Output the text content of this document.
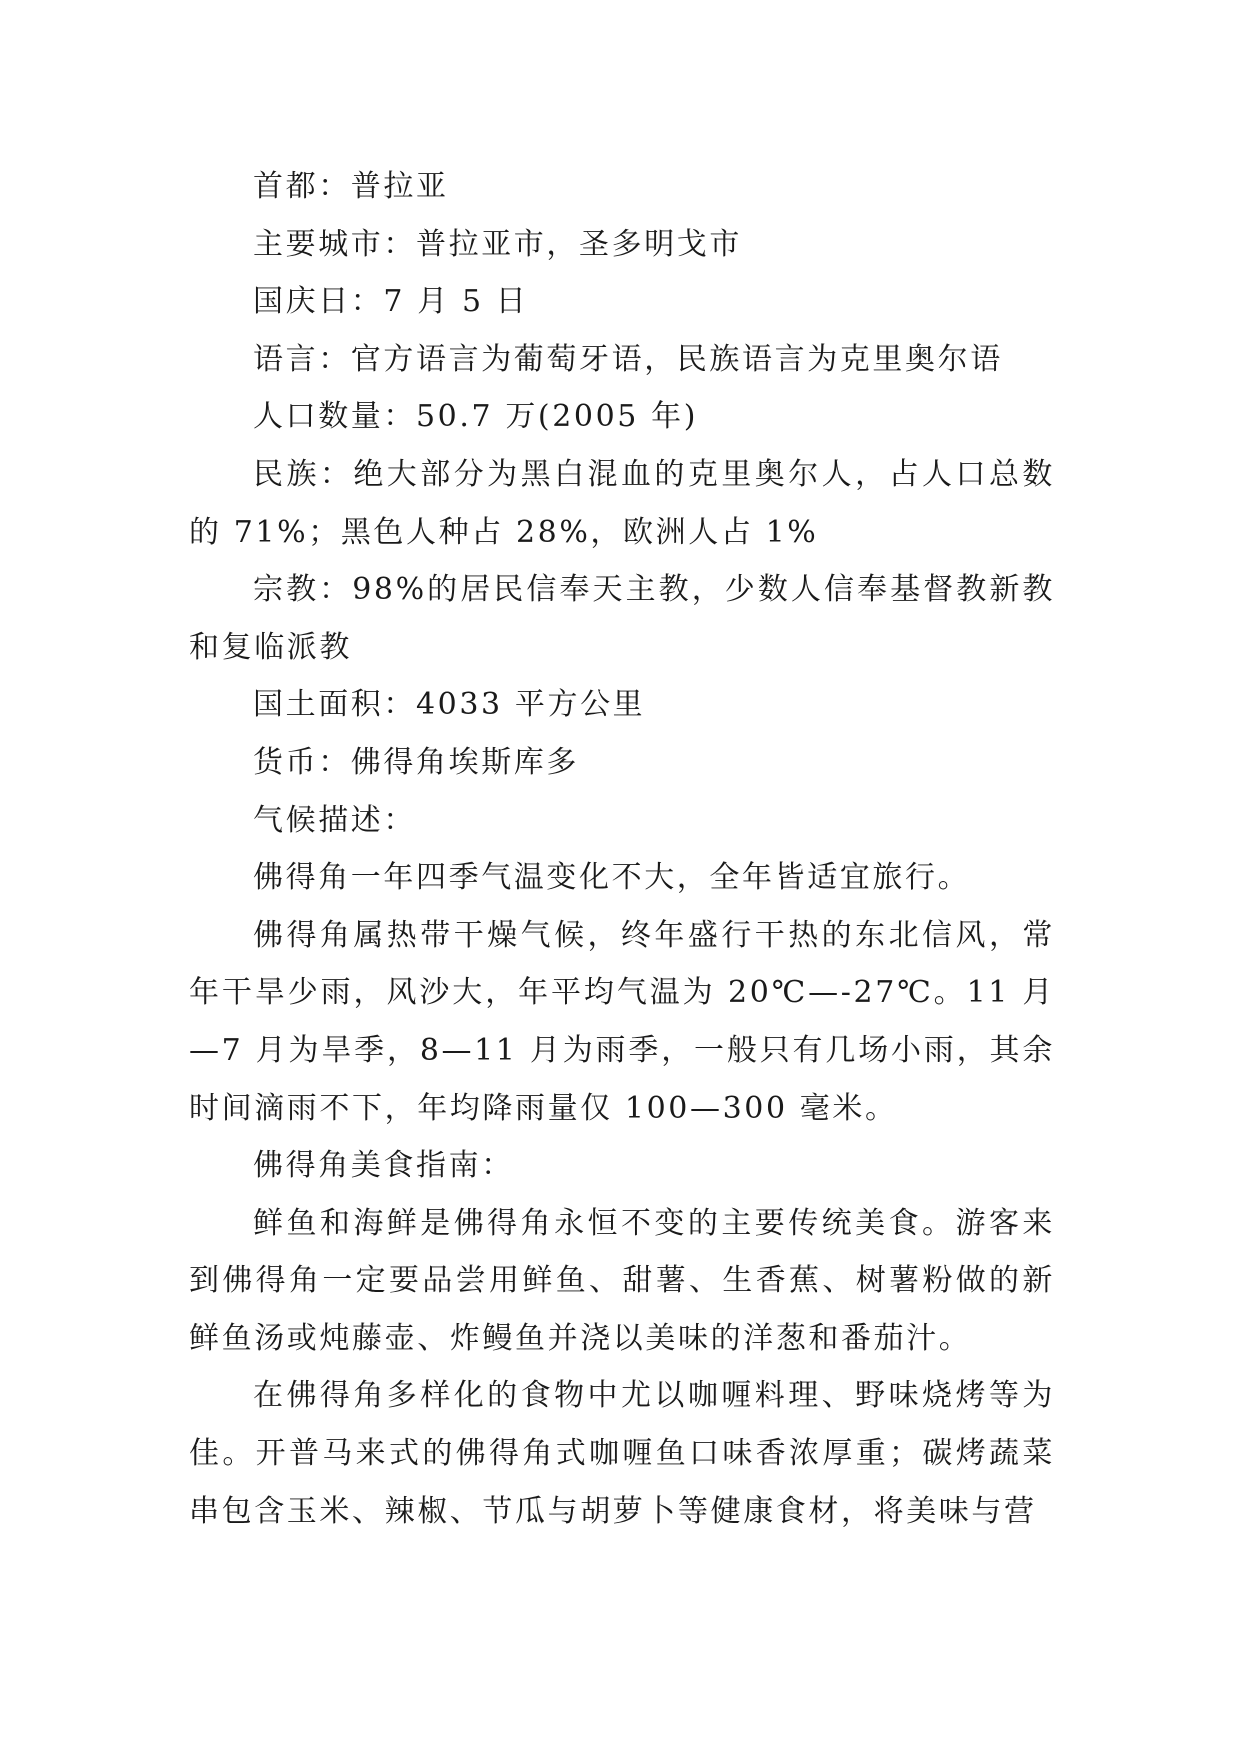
首都：普拉亚

主要城市：普拉亚市，圣多明戈市

国庆日：7 月 5 日

语言：官方语言为葡萄牙语，民族语言为克里奥尔语

人口数量：50.7 万(2005 年)

民族：绝大部分为黑白混血的克里奥尔人，占人口总数的 71%；黑色人种占 28%，欧洲人占 1%

宗教：98%的居民信奉天主教，少数人信奉基督教新教和复临派教

国土面积：4033 平方公里

货币：佛得角埃斯库多

气候描述：

佛得角一年四季气温变化不大，全年皆适宜旅行。

佛得角属热带干燥气候，终年盛行干热的东北信风，常年干旱少雨，风沙大，年平均气温为 20℃—-27℃。11 月—7 月为旱季，8—11 月为雨季，一般只有几场小雨，其余时间滴雨不下，年均降雨量仅 100—300 毫米。

佛得角美食指南：

鲜鱼和海鲜是佛得角永恒不变的主要传统美食。游客来到佛得角一定要品尝用鲜鱼、甜薯、生香蕉、树薯粉做的新鲜鱼汤或炖藤壶、炸鳗鱼并浇以美味的洋葱和番茄汁。

在佛得角多样化的食物中尤以咖喱料理、野味烧烤等为佳。开普马来式的佛得角式咖喱鱼口味香浓厚重；碳烤蔬菜串包含玉米、辣椒、节瓜与胡萝卜等健康食材，将美味与营
